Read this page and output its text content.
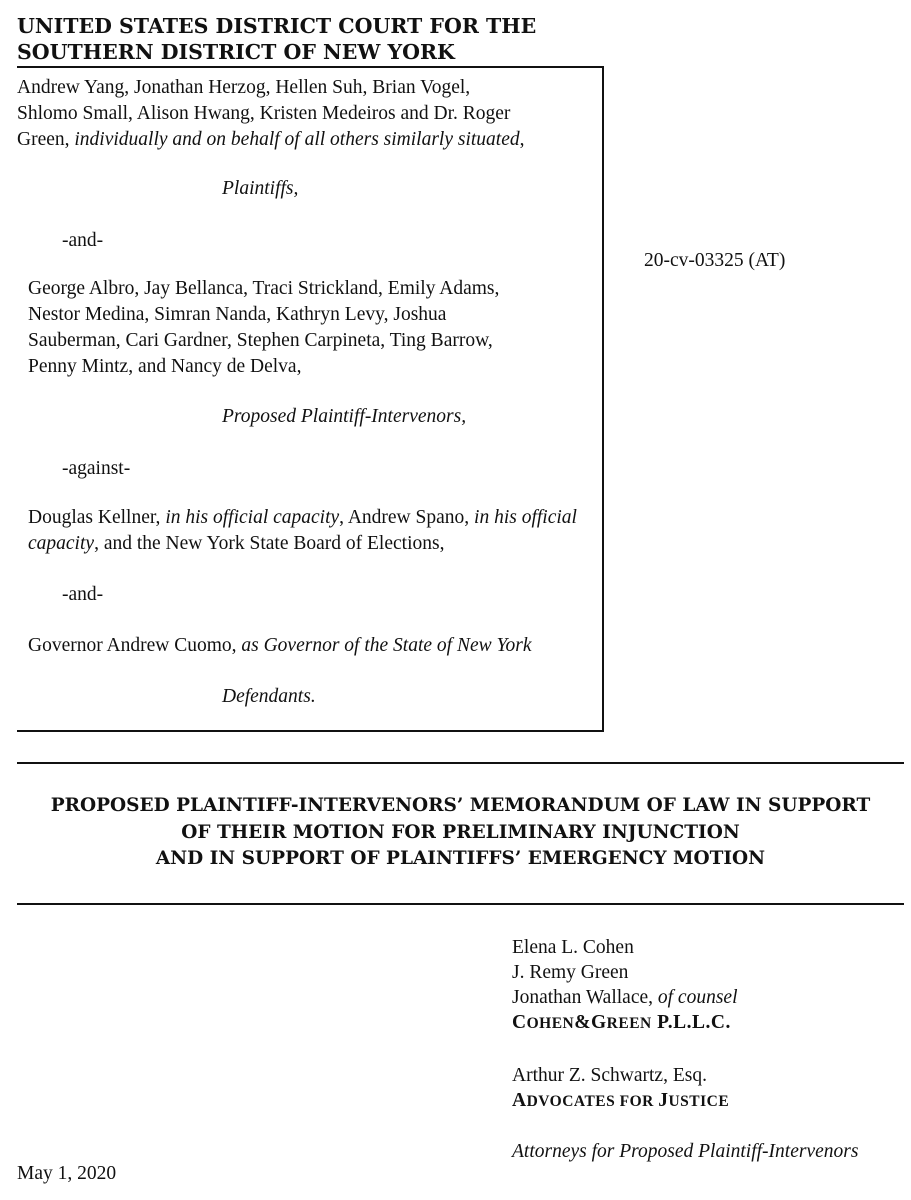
UNITED STATES DISTRICT COURT FOR THE
SOUTHERN DISTRICT OF NEW YORK
Andrew Yang, Jonathan Herzog, Hellen Suh, Brian Vogel,
Shlomo Small, Alison Hwang, Kristen Medeiros and Dr. Roger
Green, individually and on behalf of all others similarly situated,
Plaintiffs,
-and-
George Albro, Jay Bellanca, Traci Strickland, Emily Adams,
Nestor Medina, Simran Nanda, Kathryn Levy, Joshua
Sauberman, Cari Gardner, Stephen Carpineta, Ting Barrow,
Penny Mintz, and Nancy de Delva,
Proposed Plaintiff-Intervenors,
-against-
Douglas Kellner, in his official capacity, Andrew Spano, in his official
capacity, and the New York State Board of Elections,
-and-
Governor Andrew Cuomo, as Governor of the State of New York
Defendants.
20-cv-03325 (AT)
PROPOSED PLAINTIFF-INTERVENORS’ MEMORANDUM OF LAW IN SUPPORT
OF THEIR MOTION FOR PRELIMINARY INJUNCTION
AND IN SUPPORT OF PLAINTIFFS’ EMERGENCY MOTION
Elena L. Cohen
J. Remy Green
Jonathan Wallace, of counsel
COHEN&GREEN P.L.L.C.
Arthur Z. Schwartz, Esq.
ADVOCATES FOR JUSTICE
Attorneys for Proposed Plaintiff-Intervenors
May 1, 2020
